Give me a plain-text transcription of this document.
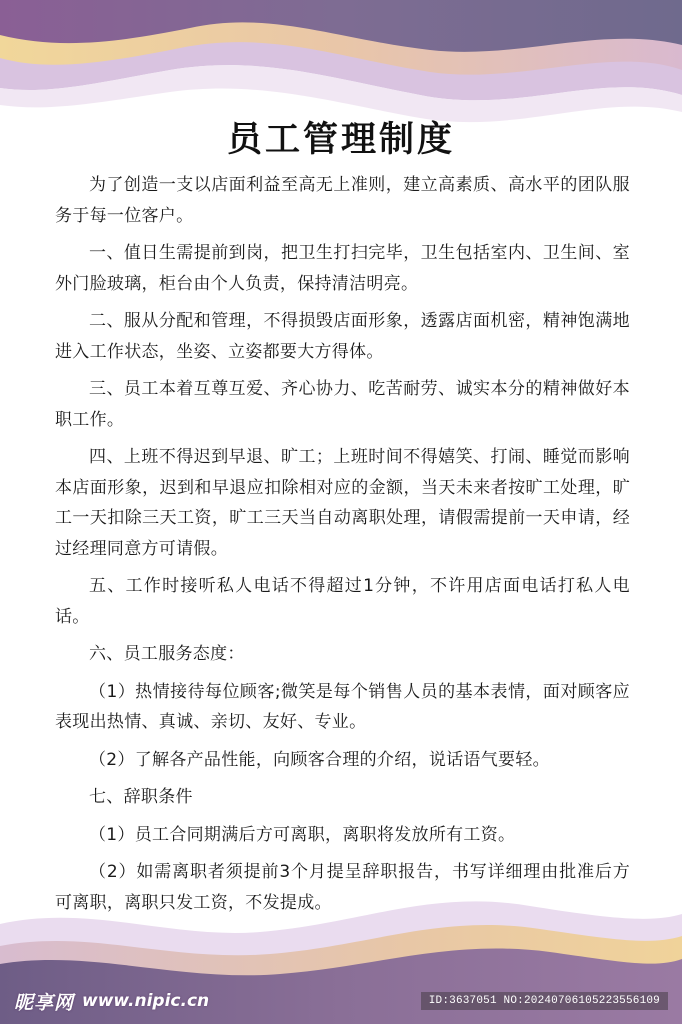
员工管理制度

为了创造一支以店面利益至高无上准则，建立高素质、高水平的团队服务于每一位客户。

一、值日生需提前到岗，把卫生打扫完毕，卫生包括室内、卫生间、室外门脸玻璃，柜台由个人负责，保持清洁明亮。

二、服从分配和管理，不得损毁店面形象，透露店面机密，精神饱满地进入工作状态，坐姿、立姿都要大方得体。

三、员工本着互尊互爱、齐心协力、吃苦耐劳、诚实本分的精神做好本职工作。

四、上班不得迟到早退、旷工；上班时间不得嬉笑、打闹、睡觉而影响本店面形象，迟到和早退应扣除相对应的金额，当天未来者按旷工处理，旷工一天扣除三天工资，旷工三天当自动离职处理，请假需提前一天申请，经过经理同意方可请假。

五、工作时接听私人电话不得超过1分钟，不许用店面电话打私人电话。

六、员工服务态度：

（1）热情接待每位顾客;微笑是每个销售人员的基本表情，面对顾客应表现出热情、真诚、亲切、友好、专业。

（2）了解各产品性能，向顾客合理的介绍，说话语气要轻。

七、辞职条件

（1）员工合同期满后方可离职，离职将发放所有工资。

（2）如需离职者须提前3个月提呈辞职报告，书写详细理由批准后方可离职，离职只发工资，不发提成。

昵享网 www.nipic.cn	ID:3637051 NO:20240706105223556109
